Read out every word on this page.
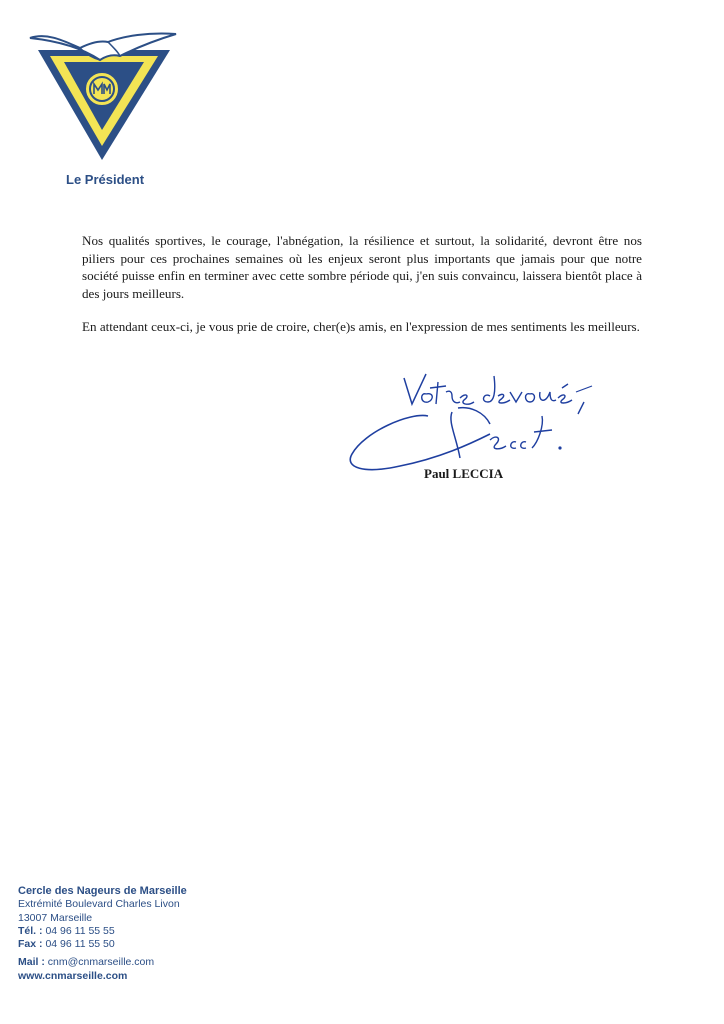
Le Président

Nos qualités sportives, le courage, l'abnégation, la résilience et surtout, la solidarité, devront être nos piliers pour ces prochaines semaines où les enjeux seront plus importants que jamais pour que notre société puisse enfin en terminer avec cette sombre période qui, j'en suis convaincu, laissera bientôt place à des jours meilleurs.

En attendant ceux-ci, je vous prie de croire, cher(e)s amis, en l'expression de mes sentiments les meilleurs.

Paul LECCIA
Cercle des Nageurs de Marseille
Extrémité Boulevard Charles Livon
13007 Marseille
Tél. : 04 96 11 55 55
Fax : 04 96 11 55 50
Mail : cnm@cnmarseille.com
www.cnmarseille.com
